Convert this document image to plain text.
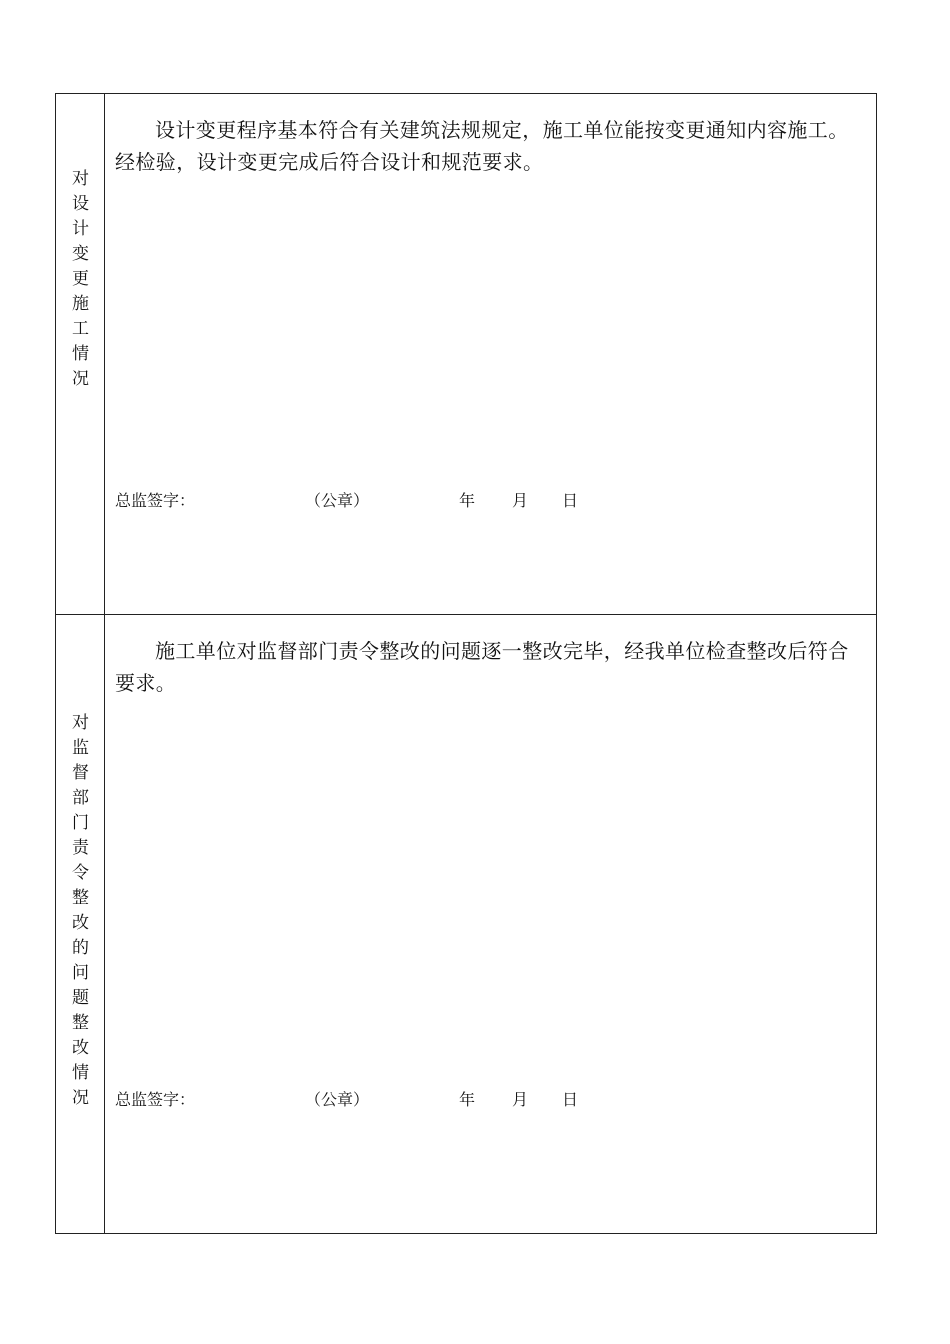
对设计变更施工情况

设计变更程序基本符合有关建筑法规规定，施工单位能按变更通知内容施工。经检验，设计变更完成后符合设计和规范要求。

总监签字：	（公章）	年 月 日
对监督部门责令整改的问题整改情况

施工单位对监督部门责令整改的问题逐一整改完毕，经我单位检查整改后符合要求。

总监签字：	（公章）	年 月 日
